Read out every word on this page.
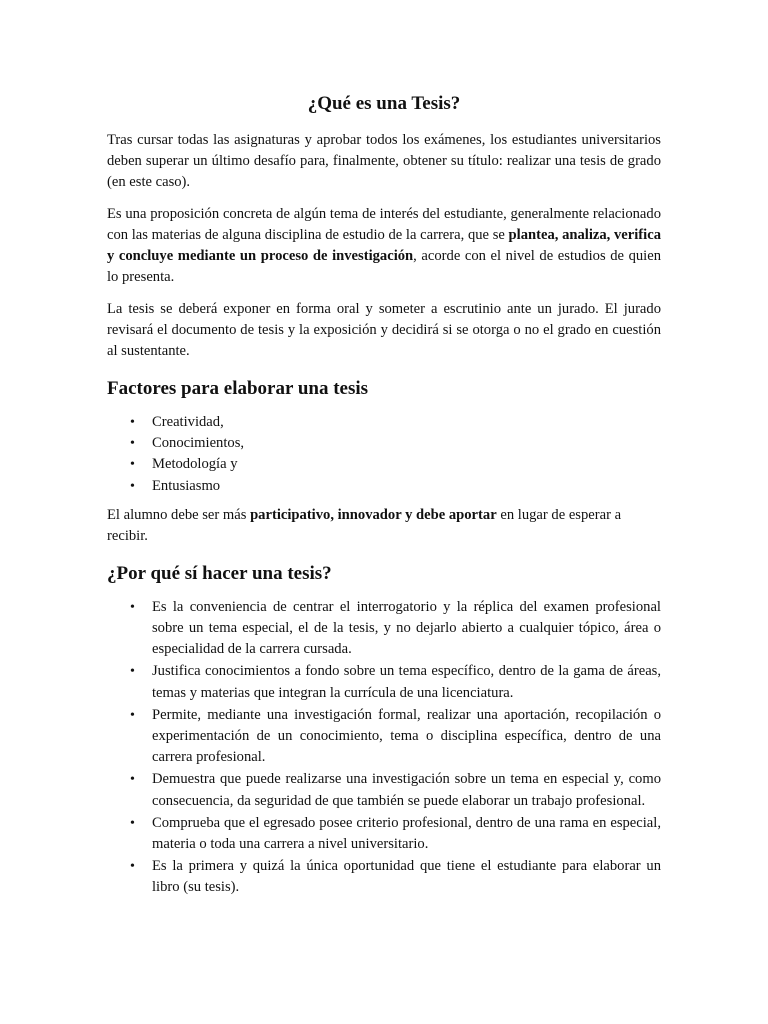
¿Qué es una Tesis?

Tras cursar todas las asignaturas y aprobar todos los exámenes, los estudiantes universitarios deben superar un último desafío para, finalmente, obtener su título: realizar una tesis de grado (en este caso).

Es una proposición concreta de algún tema de interés del estudiante, generalmente relacionado con las materias de alguna disciplina de estudio de la carrera, que se plantea, analiza, verifica y concluye mediante un proceso de investigación, acorde con el nivel de estudios de quien lo presenta.

La tesis se deberá exponer en forma oral y someter a escrutinio ante un jurado. El jurado revisará el documento de tesis y la exposición y decidirá si se otorga o no el grado en cuestión al sustentante.

Factores para elaborar una tesis
• Creatividad,
• Conocimientos,
• Metodología y
• Entusiasmo

El alumno debe ser más participativo, innovador y debe aportar en lugar de esperar a recibir.

¿Por qué sí hacer una tesis?
• Es la conveniencia de centrar el interrogatorio y la réplica del examen profesional sobre un tema especial, el de la tesis, y no dejarlo abierto a cualquier tópico, área o especialidad de la carrera cursada.
• Justifica conocimientos a fondo sobre un tema específico, dentro de la gama de áreas, temas y materias que integran la currícula de una licenciatura.
• Permite, mediante una investigación formal, realizar una aportación, recopilación o experimentación de un conocimiento, tema o disciplina específica, dentro de una carrera profesional.
• Demuestra que puede realizarse una investigación sobre un tema en especial y, como consecuencia, da seguridad de que también se puede elaborar un trabajo profesional.
• Comprueba que el egresado posee criterio profesional, dentro de una rama en especial, materia o toda una carrera a nivel universitario.
• Es la primera y quizá la única oportunidad que tiene el estudiante para elaborar un libro (su tesis).
